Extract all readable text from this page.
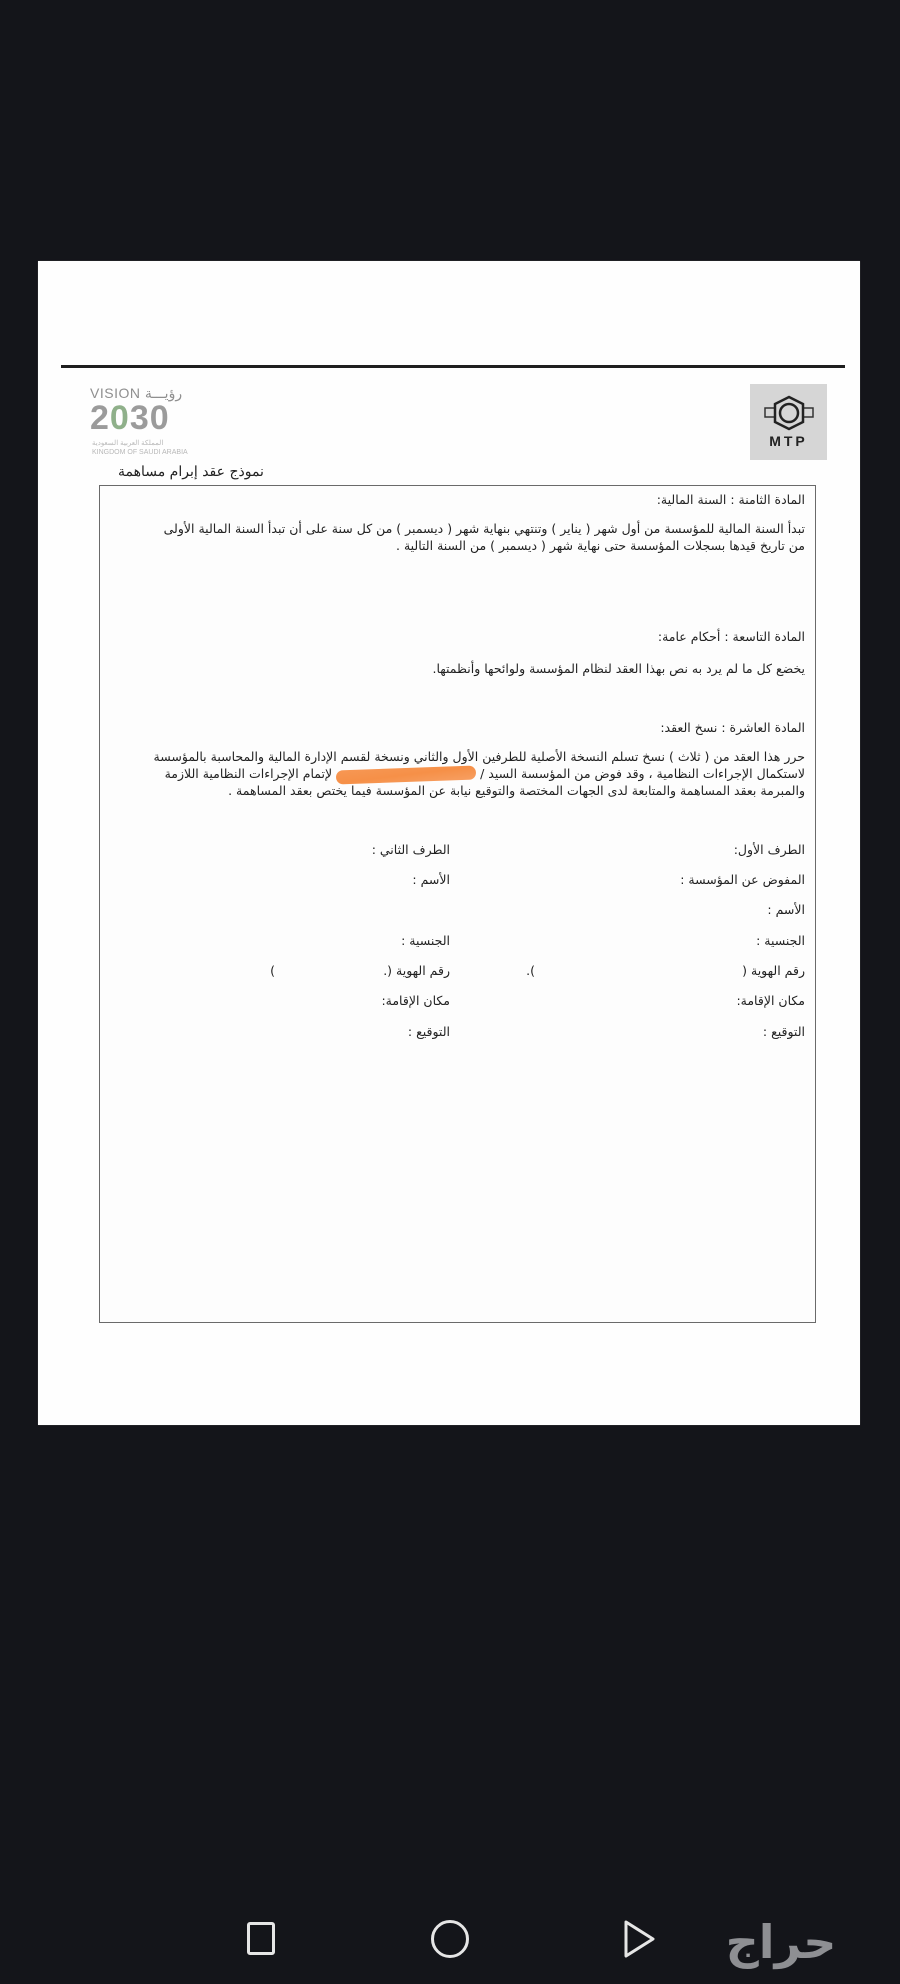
VISION رؤيـــة
2030
المملكة العربية السعودية
KINGDOM OF SAUDI ARABIA
MTP
نموذج عقد إبرام مساهمة
المادة الثامنة : السنة المالية:
تبدأ السنة المالية للمؤسسة من أول شهر ( يناير ) وتنتهي بنهاية شهر ( ديسمبر ) من كل سنة على أن تبدأ السنة المالية الأولى
من تاريخ قيدها بسجلات المؤسسة حتى نهاية شهر ( ديسمبر ) من السنة التالية .
المادة التاسعة : أحكام عامة:
يخضع كل ما لم يرد به نص بهذا العقد لنظام المؤسسة ولوائحها وأنظمتها.
المادة العاشرة : نسخ العقد:
حرر هذا العقد من ( ثلاث ) نسخ تسلم النسخة الأصلية للطرفين الأول والثاني ونسخة لقسم الإدارة المالية والمحاسبة بالمؤسسة
لاستكمال الإجراءات النظامية ، وقد فوض من المؤسسة السيد /  لإتمام الإجراءات النظامية اللازمة
والمبرمة بعقد المساهمة والمتابعة لدى الجهات المختصة والتوقيع نيابة عن المؤسسة فيما يختص بعقد المساهمة .
الطرف الأول:
الطرف الثاني :
المفوض عن المؤسسة :
الأسم :
الأسم :
الجنسية :
الجنسية :
رقم الهوية (
).
رقم الهوية (.
)
مكان الإقامة:
مكان الإقامة:
التوقيع :
التوقيع :
حراج
